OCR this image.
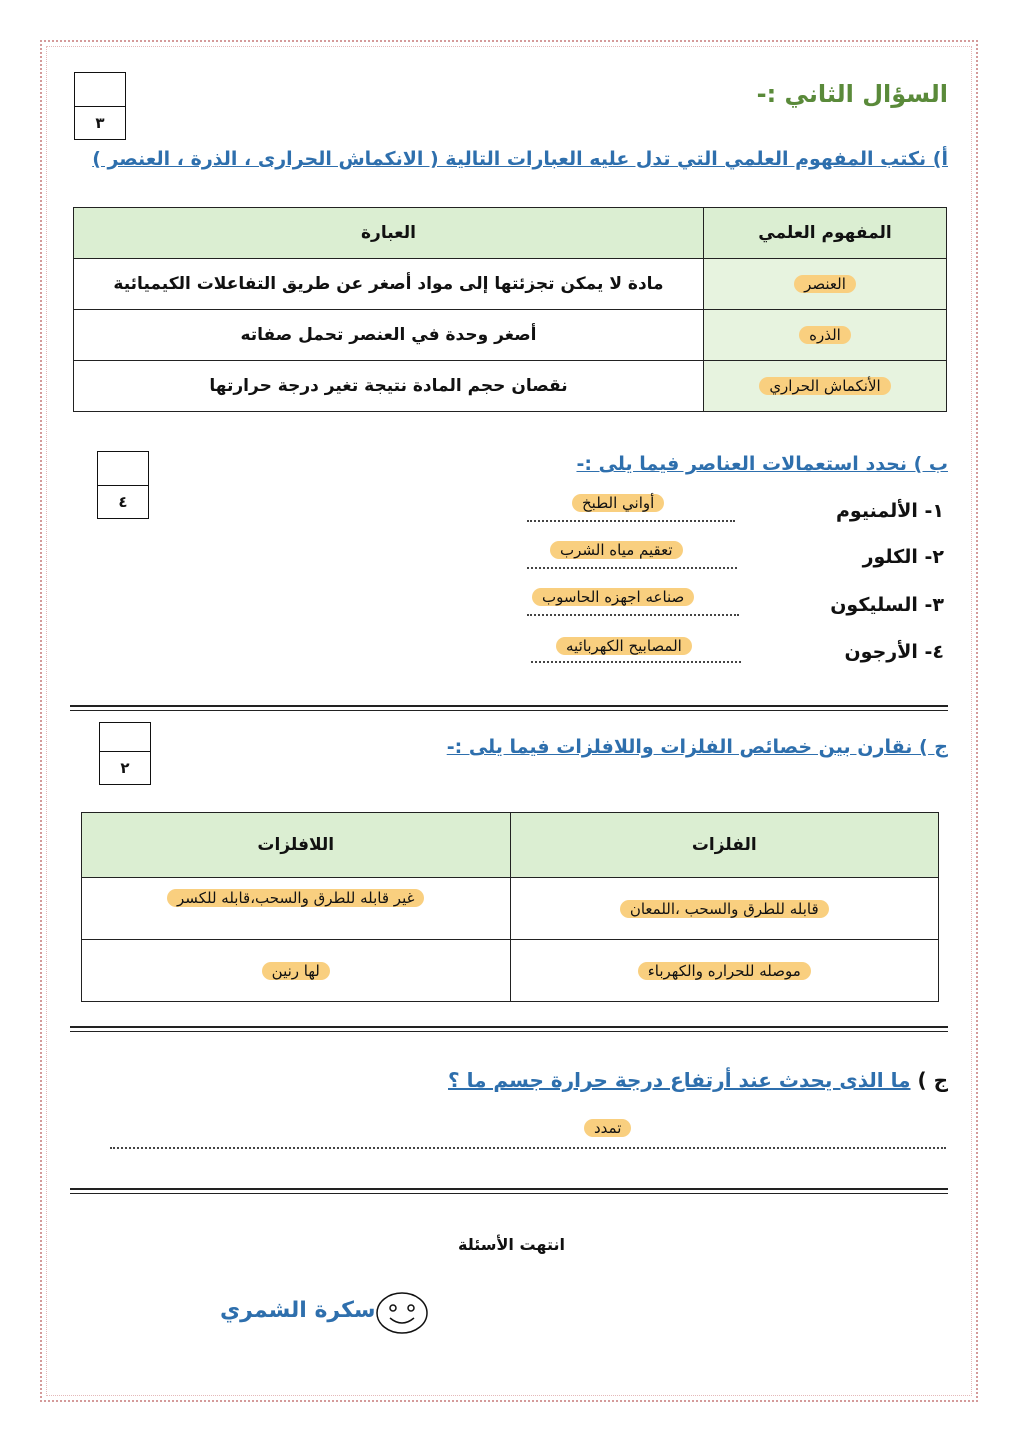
السؤال الثاني :-
٣
أ) نكتب المفهوم العلمي التي تدل عليه العبارات التالية ( الانكماش الحرارى ، الذرة ، العنصر )
المفهوم العلمي	العبارة
العنصر	مادة لا يمكن تجزئتها إلى مواد أصغر عن طريق التفاعلات الكيميائية
الذره	أصغر وحدة في العنصر تحمل صفاته
الأنكماش الحراري	نقصان حجم المادة نتيجة تغير درجة حرارتها
٤
ب ) نحدد استعمالات العناصر فيما يلى :-
١- الألمنيوم
أواني الطبخ
٢- الكلور
تعقيم مياه الشرب
٣- السليكون
صناعه اجهزه الحاسوب
٤- الأرجون
المصابيح الكهربائيه
٢
ج ) نقارن بين خصائص الفلزات واللافلزات فيما يلى :-
الفلزات	اللافلزات
قابله للطرق والسحب ،اللمعان	غير قابله للطرق والسحب،قابله للكسر
موصله للحراره والكهرباء	لها رنين
ج ) ما الذى يحدث عند أرتفاع درجة حرارة جسم ما ؟
تمدد
انتهت الأسئلة
سكرة الشمري
